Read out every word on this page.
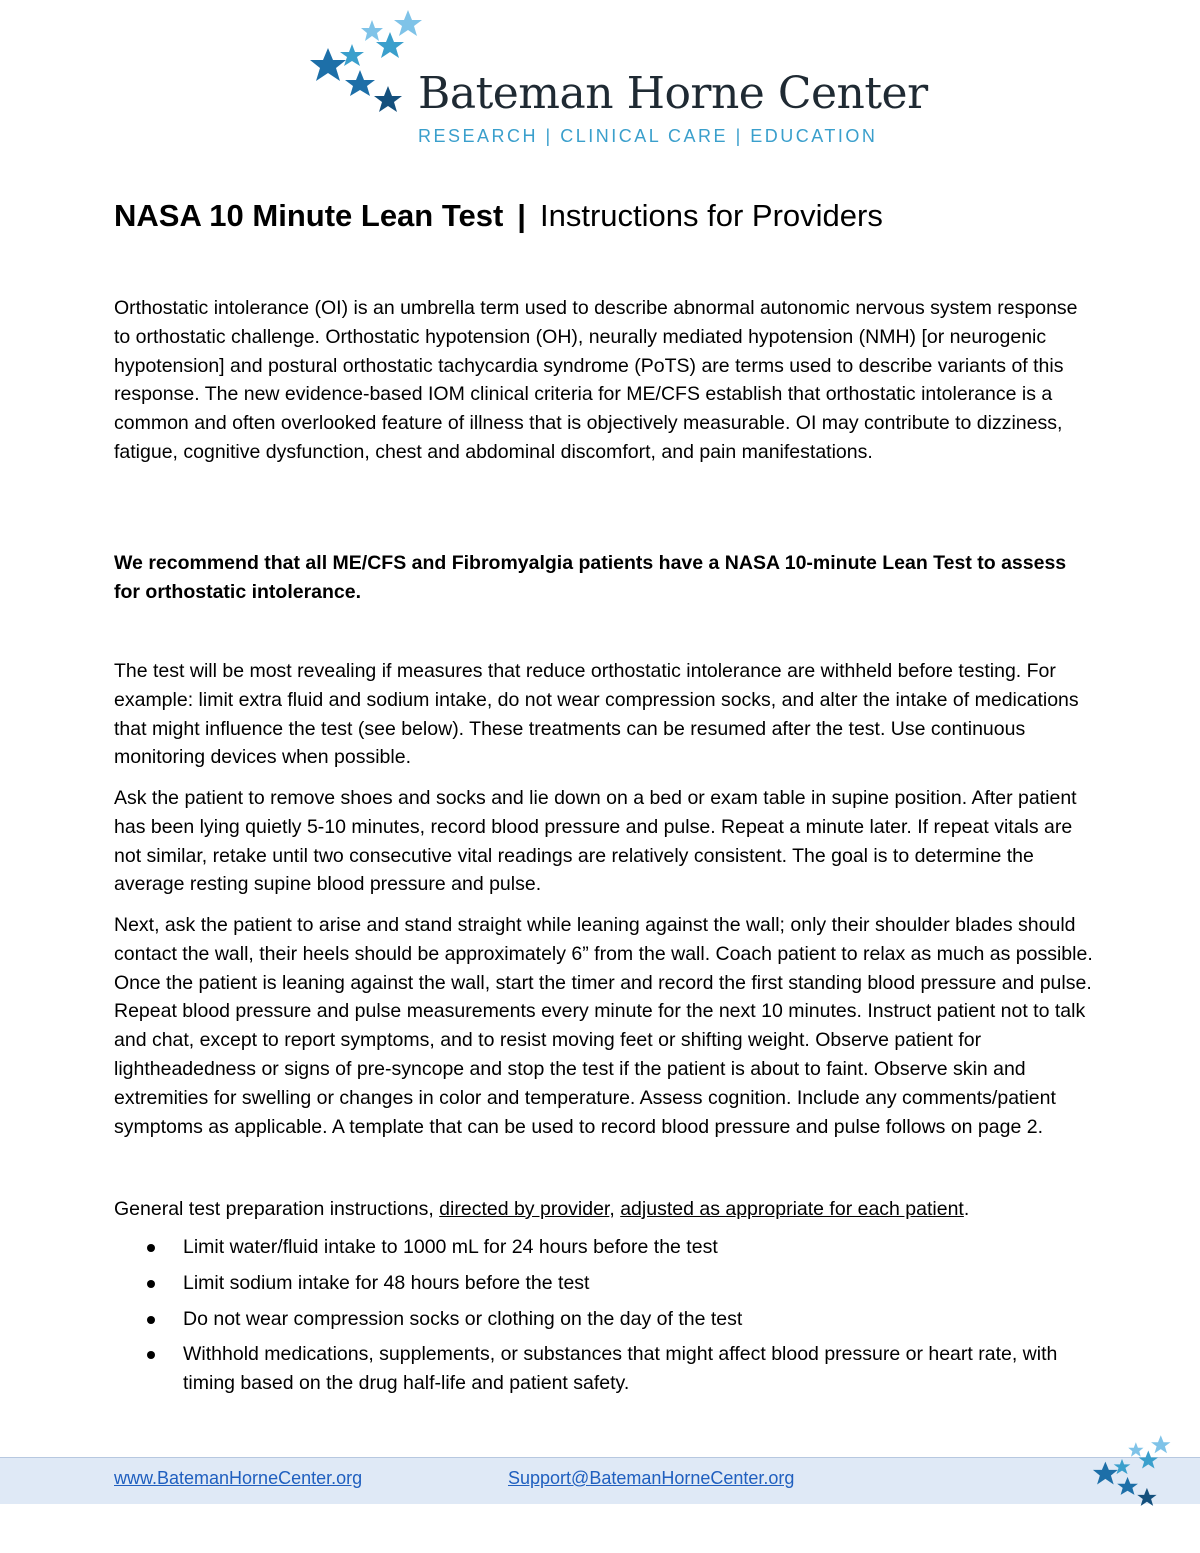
Bateman Horne Center
RESEARCH | CLINICAL CARE | EDUCATION
NASA 10 Minute Lean Test | Instructions for Providers

Orthostatic intolerance (OI) is an umbrella term used to describe abnormal autonomic nervous system response to orthostatic challenge. Orthostatic hypotension (OH), neurally mediated hypotension (NMH) [or neurogenic hypotension] and postural orthostatic tachycardia syndrome (PoTS) are terms used to describe variants of this response. The new evidence-based IOM clinical criteria for ME/CFS establish that orthostatic intolerance is a common and often overlooked feature of illness that is objectively measurable. OI may contribute to dizziness, fatigue, cognitive dysfunction, chest and abdominal discomfort, and pain manifestations.

We recommend that all ME/CFS and Fibromyalgia patients have a NASA 10-minute Lean Test to assess for orthostatic intolerance.

The test will be most revealing if measures that reduce orthostatic intolerance are withheld before testing. For example: limit extra fluid and sodium intake, do not wear compression socks, and alter the intake of medications that might influence the test (see below). These treatments can be resumed after the test. Use continuous monitoring devices when possible.

Ask the patient to remove shoes and socks and lie down on a bed or exam table in supine position. After patient has been lying quietly 5-10 minutes, record blood pressure and pulse. Repeat a minute later. If repeat vitals are not similar, retake until two consecutive vital readings are relatively consistent. The goal is to determine the average resting supine blood pressure and pulse.

Next, ask the patient to arise and stand straight while leaning against the wall; only their shoulder blades should contact the wall, their heels should be approximately 6” from the wall. Coach patient to relax as much as possible. Once the patient is leaning against the wall, start the timer and record the first standing blood pressure and pulse. Repeat blood pressure and pulse measurements every minute for the next 10 minutes. Instruct patient not to talk and chat, except to report symptoms, and to resist moving feet or shifting weight. Observe patient for lightheadedness or signs of pre-syncope and stop the test if the patient is about to faint. Observe skin and extremities for swelling or changes in color and temperature. Assess cognition. Include any comments/patient symptoms as applicable. A template that can be used to record blood pressure and pulse follows on page 2.

General test preparation instructions, directed by provider, adjusted as appropriate for each patient.
Limit water/fluid intake to 1000 mL for 24 hours before the test
Limit sodium intake for 48 hours before the test
Do not wear compression socks or clothing on the day of the test
Withhold medications, supplements, or substances that might affect blood pressure or heart rate, with timing based on the drug half-life and patient safety.
www.BatemanHorneCenter.org	Support@BatemanHorneCenter.org
